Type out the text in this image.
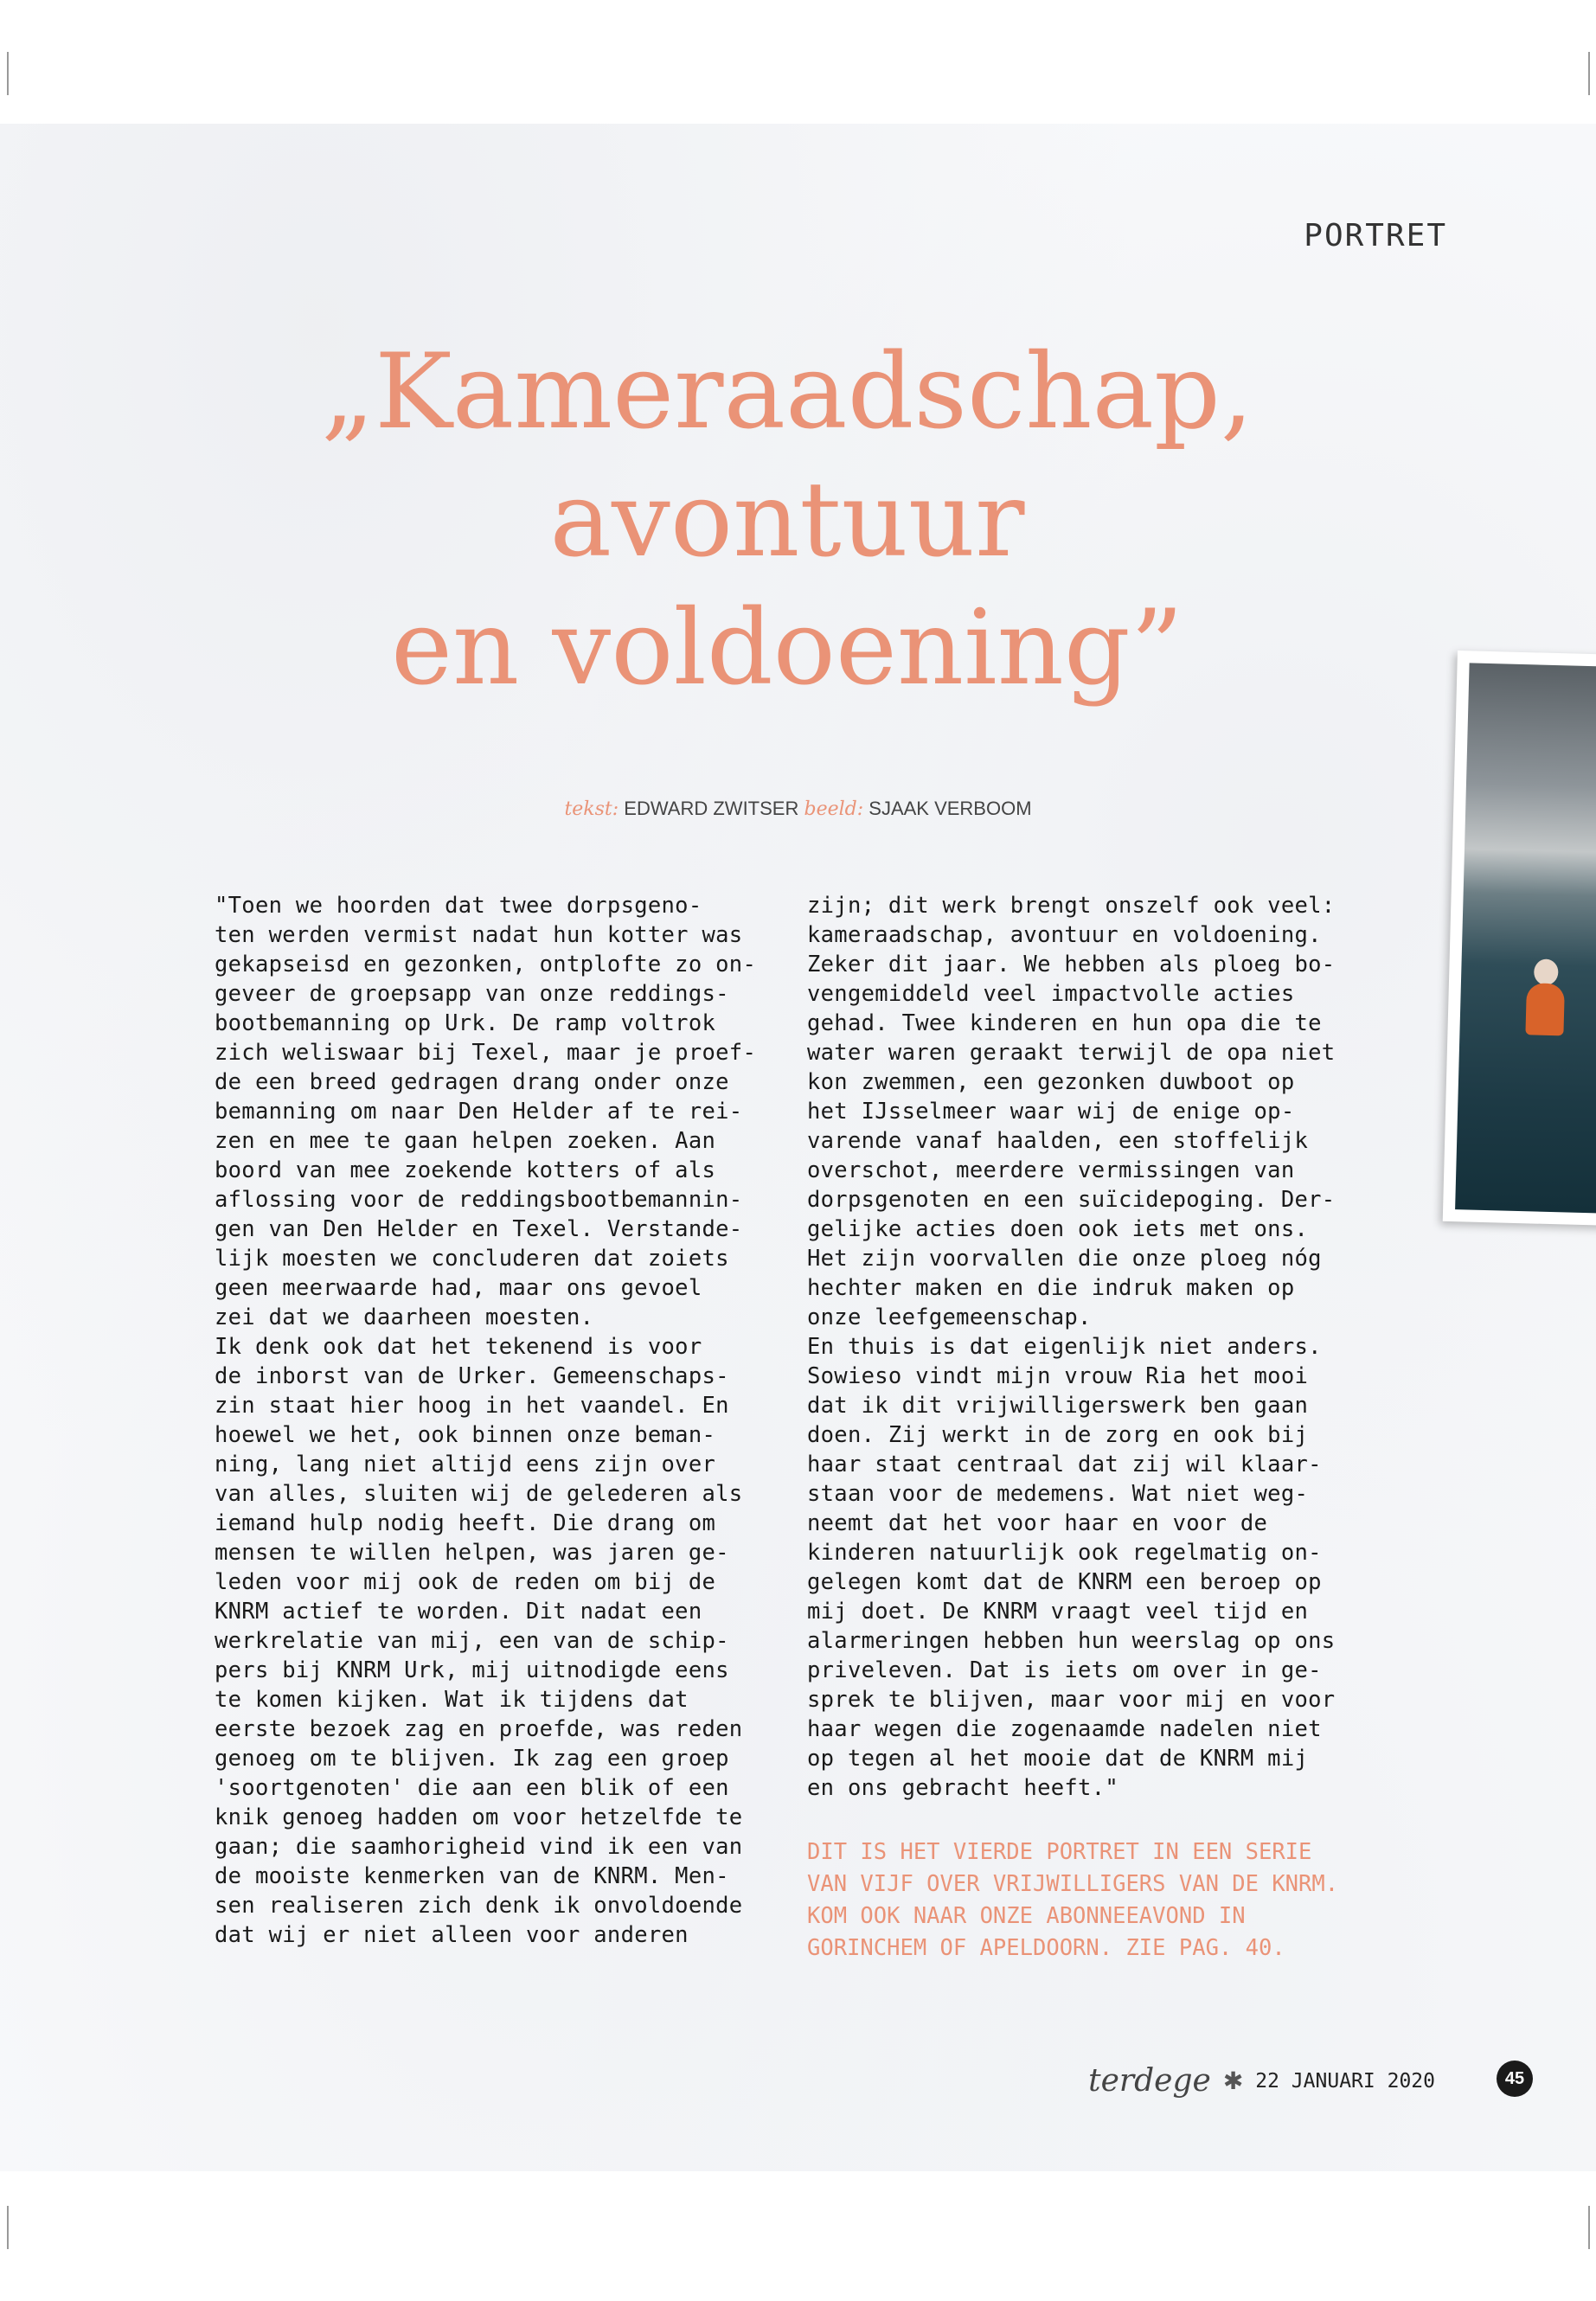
PORTRET
„Kameraadschap,
avontuur
en voldoening”
tekst: EDWARD ZWITSER beeld: SJAAK VERBOOM
"Toen we hoorden dat twee dorpsgeno-
ten werden vermist nadat hun kotter was
gekapseisd en gezonken, ontplofte zo on-
geveer de groepsapp van onze reddings-
bootbemanning op Urk. De ramp voltrok
zich weliswaar bij Texel, maar je proef-
de een breed gedragen drang onder onze
bemanning om naar Den Helder af te rei-
zen en mee te gaan helpen zoeken. Aan
boord van mee zoekende kotters of als
aflossing voor de reddingsbootbemannin-
gen van Den Helder en Texel. Verstande-
lijk moesten we concluderen dat zoiets
geen meerwaarde had, maar ons gevoel
zei dat we daarheen moesten.
Ik denk ook dat het tekenend is voor
de inborst van de Urker. Gemeenschaps-
zin staat hier hoog in het vaandel. En
hoewel we het, ook binnen onze beman-
ning, lang niet altijd eens zijn over
van alles, sluiten wij de gelederen als
iemand hulp nodig heeft. Die drang om
mensen te willen helpen, was jaren ge-
leden voor mij ook de reden om bij de
KNRM actief te worden. Dit nadat een
werkrelatie van mij, een van de schip-
pers bij KNRM Urk, mij uitnodigde eens
te komen kijken. Wat ik tijdens dat
eerste bezoek zag en proefde, was reden
genoeg om te blijven. Ik zag een groep
'soortgenoten' die aan een blik of een
knik genoeg hadden om voor hetzelfde te
gaan; die saamhorigheid vind ik een van
de mooiste kenmerken van de KNRM. Men-
sen realiseren zich denk ik onvoldoende
dat wij er niet alleen voor anderen
zijn; dit werk brengt onszelf ook veel:
kameraadschap, avontuur en voldoening.
Zeker dit jaar. We hebben als ploeg bo-
vengemiddeld veel impactvolle acties
gehad. Twee kinderen en hun opa die te
water waren geraakt terwijl de opa niet
kon zwemmen, een gezonken duwboot op
het IJsselmeer waar wij de enige op-
varende vanaf haalden, een stoffelijk
overschot, meerdere vermissingen van
dorpsgenoten en een suïcidepoging. Der-
gelijke acties doen ook iets met ons.
Het zijn voorvallen die onze ploeg nóg
hechter maken en die indruk maken op
onze leefgemeenschap.
En thuis is dat eigenlijk niet anders.
Sowieso vindt mijn vrouw Ria het mooi
dat ik dit vrijwilligerswerk ben gaan
doen. Zij werkt in de zorg en ook bij
haar staat centraal dat zij wil klaar-
staan voor de medemens. Wat niet weg-
neemt dat het voor haar en voor de
kinderen natuurlijk ook regelmatig on-
gelegen komt dat de KNRM een beroep op
mij doet. De KNRM vraagt veel tijd en
alarmeringen hebben hun weerslag op ons
priveleven. Dat is iets om over in ge-
sprek te blijven, maar voor mij en voor
haar wegen die zogenaamde nadelen niet
op tegen al het mooie dat de KNRM mij
en ons gebracht heeft."
DIT IS HET VIERDE PORTRET IN EEN SERIE
VAN VIJF OVER VRIJWILLIGERS VAN DE KNRM.
KOM OOK NAAR ONZE ABONNEEAVOND IN
GORINCHEM OF APELDOORN. ZIE PAG. 40.
terdege ✱ 22 JANUARI 2020	45
